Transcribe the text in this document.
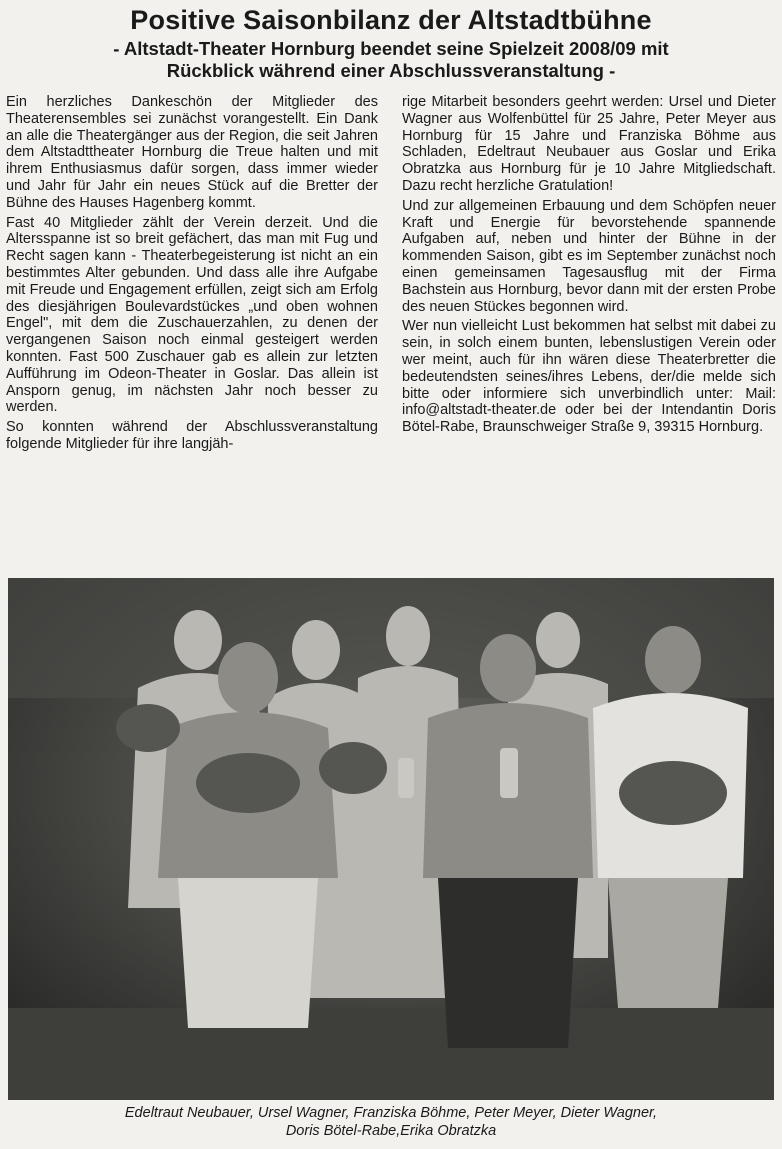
Positive Saisonbilanz der Altstadtbühne
- Altstadt-Theater Hornburg beendet seine Spielzeit 2008/09 mit
Rückblick während einer Abschlussveranstaltung -

Ein herzliches Dankeschön der Mitglieder des Theaterensembles sei zunächst vorangestellt. Ein Dank an alle die Theatergänger aus der Region, die seit Jahren dem Altstadttheater Hornburg die Treue halten und mit ihrem Enthusiasmus dafür sorgen, dass immer wieder und Jahr für Jahr ein neues Stück auf die Bretter der Bühne des Hauses Hagenberg kommt.

Fast 40 Mitglieder zählt der Verein derzeit. Und die Altersspanne ist so breit gefächert, das man mit Fug und Recht sagen kann - Theaterbegeisterung ist nicht an ein bestimmtes Alter gebunden. Und dass alle ihre Aufgabe mit Freude und Engagement erfüllen, zeigt sich am Erfolg des diesjährigen Boulevardstückes „und oben wohnen Engel", mit dem die Zuschauerzahlen, zu denen der vergangenen Saison noch einmal gesteigert werden konnten. Fast 500 Zuschauer gab es allein zur letzten Aufführung im Odeon-Theater in Goslar. Das allein ist Ansporn genug, im nächsten Jahr noch besser zu werden.

So konnten während der Abschlussveranstaltung folgende Mitglieder für ihre langjäh-

rige Mitarbeit besonders geehrt werden: Ursel und Dieter Wagner aus Wolfenbüttel für 25 Jahre, Peter Meyer aus Hornburg für 15 Jahre und Franziska Böhme aus Schladen, Edeltraut Neubauer aus Goslar und Erika Obratzka aus Hornburg für je 10 Jahre Mitgliedschaft. Dazu recht herzliche Gratulation!

Und zur allgemeinen Erbauung und dem Schöpfen neuer Kraft und Energie für bevorstehende spannende Aufgaben auf, neben und hinter der Bühne in der kommenden Saison, gibt es im September zunächst noch einen gemeinsamen Tagesausflug mit der Firma Bachstein aus Hornburg, bevor dann mit der ersten Probe des neuen Stückes begonnen wird.

Wer nun vielleicht Lust bekommen hat selbst mit dabei zu sein, in solch einem bunten, lebenslustigen Verein oder wer meint, auch für ihn wären diese Theaterbretter die bedeutendsten seines/ihres Lebens, der/die melde sich bitte oder informiere sich unverbindlich unter: Mail: info@altstadt-theater.de oder bei der Intendantin Doris Bötel-Rabe, Braunschweiger Straße 9, 39315 Hornburg.

Edeltraut Neubauer, Ursel Wagner, Franziska Böhme, Peter Meyer, Dieter Wagner,
Doris Bötel-Rabe,Erika Obratzka
